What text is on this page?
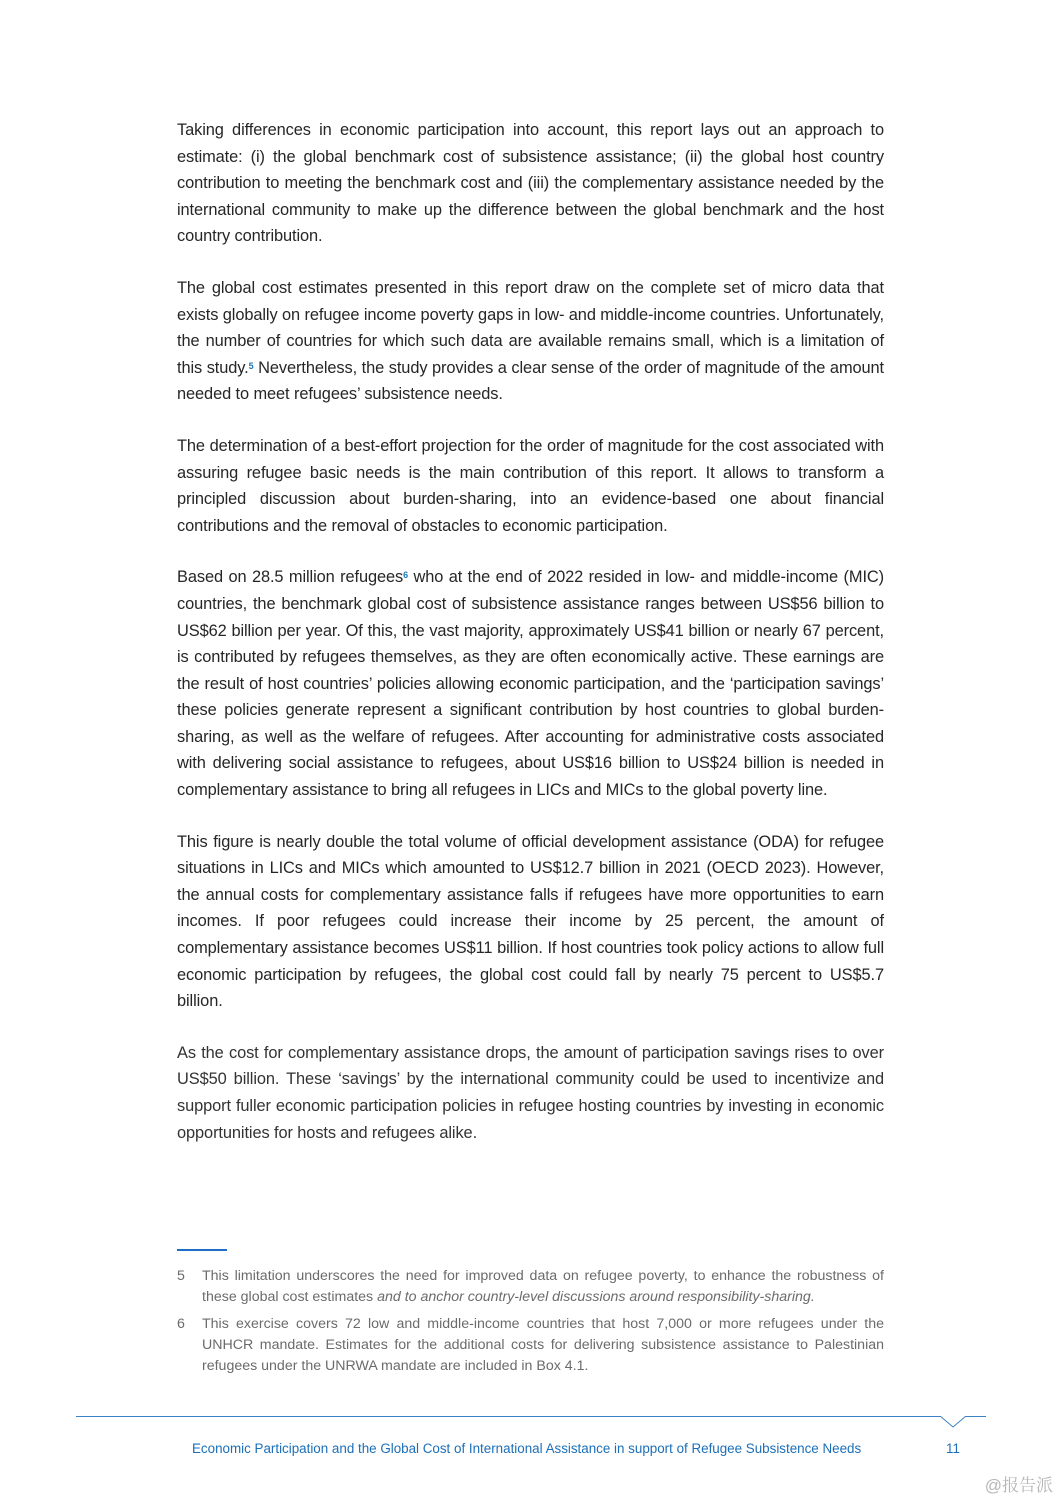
Taking differences in economic participation into account, this report lays out an approach to estimate: (i) the global benchmark cost of subsistence assistance; (ii) the global host country contribution to meeting the benchmark cost and (iii) the complementary assistance needed by the international community to make up the difference between the global benchmark and the host country contribution.

The global cost estimates presented in this report draw on the complete set of micro data that exists globally on refugee income poverty gaps in low- and middle-income countries. Unfortunately, the number of countries for which such data are available remains small, which is a limitation of this study.$^5$ Nevertheless, the study provides a clear sense of the order of magnitude of the amount needed to meet refugees’ subsistence needs.

The determination of a best-effort projection for the order of magnitude for the cost associated with assuring refugee basic needs is the main contribution of this report. It allows to transform a principled discussion about burden-sharing, into an evidence-based one about financial contributions and the removal of obstacles to economic participation.

Based on 28.5 million refugees$^6$ who at the end of 2022 resided in low- and middle-income (MIC) countries, the benchmark global cost of subsistence assistance ranges between US$56 billion to US$62 billion per year. Of this, the vast majority, approximately US$41 billion or nearly 67 percent, is contributed by refugees themselves, as they are often economically active. These earnings are the result of host countries’ policies allowing economic participation, and the ‘participation savings’ these policies generate represent a significant contribution by host countries to global burden-sharing, as well as the welfare of refugees. After accounting for administrative costs associated with delivering social assistance to refugees, about US$16 billion to US$24 billion is needed in complementary assistance to bring all refugees in LICs and MICs to the global poverty line.

This figure is nearly double the total volume of official development assistance (ODA) for refugee situations in LICs and MICs which amounted to US$12.7 billion in 2021 (OECD 2023). However, the annual costs for complementary assistance falls if refugees have more opportunities to earn incomes. If poor refugees could increase their income by 25 percent, the amount of complementary assistance becomes US$11 billion. If host countries took policy actions to allow full economic participation by refugees, the global cost could fall by nearly 75 percent to US$5.7 billion.

As the cost for complementary assistance drops, the amount of participation savings rises to over US$50 billion. These ‘savings’ by the international community could be used to incentivize and support fuller economic participation policies in refugee hosting countries by investing in economic opportunities for hosts and refugees alike.

5	This limitation underscores the need for improved data on refugee poverty, to enhance the robustness of these global cost estimates and to anchor country-level discussions around responsibility-sharing.
6	This exercise covers 72 low and middle-income countries that host 7,000 or more refugees under the UNHCR mandate. Estimates for the additional costs for delivering subsistence assistance to Palestinian refugees under the UNRWA mandate are included in Box 4.1.
Economic Participation and the Global Cost of International Assistance in support of Refugee Subsistence Needs	11
@报告派
